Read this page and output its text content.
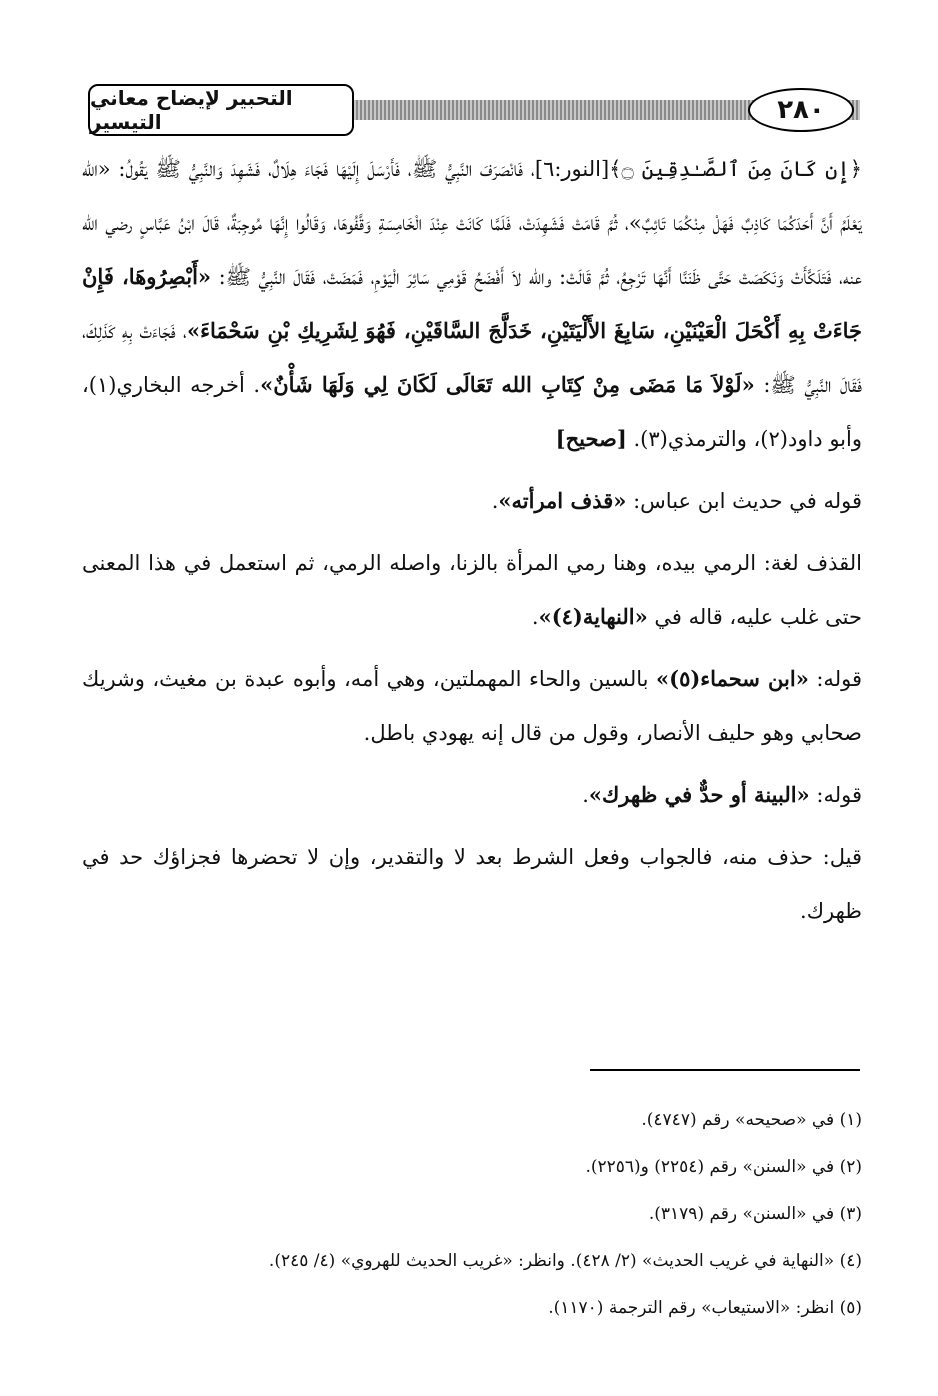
التحبير لإيضاح معاني التيسير	٢٨٠

﴿إِن كَانَ مِنَ ٱلصَّـٰدِقِينَ ۝﴾[النور:٦]، فَانْصَرَفَ النَّبِيُّ ﷺ، فَأَرْسَلَ إِلَيْهَا فَجَاءَ هِلَالٌ، فَشَهِدَ وَالنَّبِيُّ ﷺ يَقُولُ: «الله يَعْلَمُ أَنَّ أَحَدَكُمَا كَاذِبٌ فَهَلْ مِنْكُمَا تَائِبٌ»، ثُمَّ قَامَتْ فَشَهِدَتْ، فَلَمَّا كَانَتْ عِنْدَ الْخَامِسَةِ وَقَّفُوهَا، وَقَالُوا إِنَّهَا مُوجِبَةٌ، قَالَ ابْنُ عَبَّاسٍ رضي الله عنه، فَتَلَكَّأَتْ وَنَكَصَتْ حَتَّى ظَنَنَّا أَنَّهَا تَرْجِعُ، ثُمَّ قَالَتْ: والله لاَ أَفْضَحُ قَوْمِي سَائِرَ الْيَوْمِ، فَمَضَتْ، فَقَالَ النَّبِيُّ ﷺ: «أَبْصِرُوهَا، فَإِنْ جَاءَتْ بِهِ أَكْحَلَ الْعَيْنَيْنِ، سَابِغَ الأَلْيَتَيْنِ، خَدَلَّجَ السَّاقَيْنِ، فَهُوَ لِشَرِيكِ بْنِ سَحْمَاءَ»، فَجَاءَتْ بِهِ كَذَلِكَ، فَقَالَ النَّبِيُّ ﷺ: «لَوْلاَ مَا مَضَى مِنْ كِتَابِ الله تَعَالَى لَكَانَ لِي وَلَهَا شَأْنٌ». أخرجه البخاري(١)، وأبو داود(٢)، والترمذي(٣). [صحيح]

قوله في حديث ابن عباس: «قذف امرأته».

القذف لغة: الرمي بيده، وهنا رمي المرأة بالزنا، واصله الرمي، ثم استعمل في هذا المعنى حتى غلب عليه، قاله في «النهاية(٤)».

قوله: «ابن سحماء(٥)» بالسين والحاء المهملتين، وهي أمه، وأبوه عبدة بن مغيث، وشريك صحابي وهو حليف الأنصار، وقول من قال إنه يهودي باطل.

قوله: «البينة أو حدٌّ في ظهرك».

قيل: حذف منه، فالجواب وفعل الشرط بعد لا والتقدير، وإن لا تحضرها فجزاؤك حد في ظهرك.

(١) في «صحيحه» رقم (٤٧٤٧).
(٢) في «السنن» رقم (٢٢٥٤) و(٢٢٥٦).
(٣) في «السنن» رقم (٣١٧٩).
(٤) «النهاية في غريب الحديث» (٢/ ٤٢٨). وانظر: «غريب الحديث للهروي» (٤/ ٢٤٥).
(٥) انظر: «الاستيعاب» رقم الترجمة (١١٧٠).
